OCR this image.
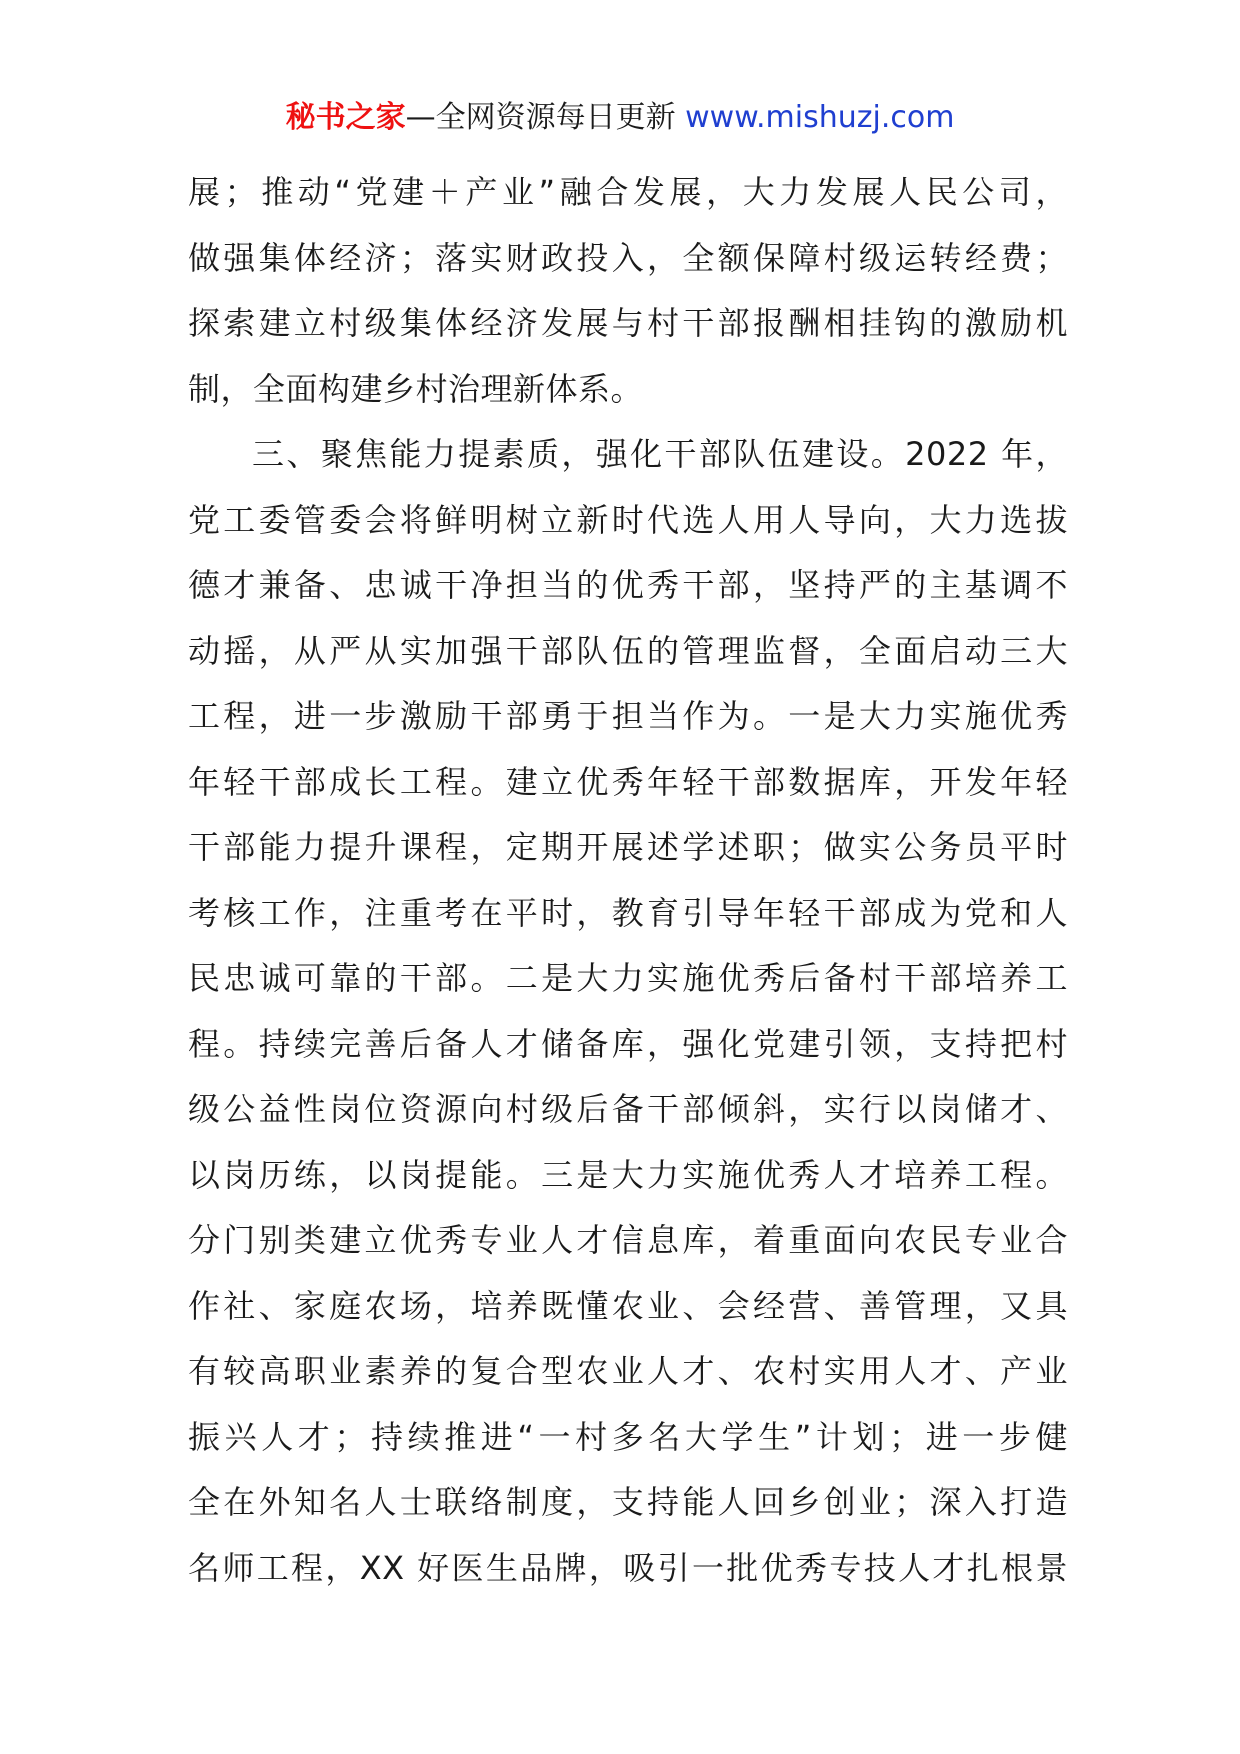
秘书之家—全网资源每日更新 www.mishuzj.com
展；推动“党建＋产业”融合发展，大力发展人民公司，
做强集体经济；落实财政投入，全额保障村级运转经费；
探索建立村级集体经济发展与村干部报酬相挂钩的激励机
制，全面构建乡村治理新体系。
三、聚焦能力提素质，强化干部队伍建设。2022 年，
党工委管委会将鲜明树立新时代选人用人导向，大力选拔
德才兼备、忠诚干净担当的优秀干部，坚持严的主基调不
动摇，从严从实加强干部队伍的管理监督，全面启动三大
工程，进一步激励干部勇于担当作为。一是大力实施优秀
年轻干部成长工程。建立优秀年轻干部数据库，开发年轻
干部能力提升课程，定期开展述学述职；做实公务员平时
考核工作，注重考在平时，教育引导年轻干部成为党和人
民忠诚可靠的干部。二是大力实施优秀后备村干部培养工
程。持续完善后备人才储备库，强化党建引领，支持把村
级公益性岗位资源向村级后备干部倾斜，实行以岗储才、
以岗历练，以岗提能。三是大力实施优秀人才培养工程。
分门别类建立优秀专业人才信息库，着重面向农民专业合
作社、家庭农场，培养既懂农业、会经营、善管理，又具
有较高职业素养的复合型农业人才、农村实用人才、产业
振兴人才；持续推进“一村多名大学生”计划；进一步健
全在外知名人士联络制度，支持能人回乡创业；深入打造
名师工程，XX 好医生品牌，吸引一批优秀专技人才扎根景
